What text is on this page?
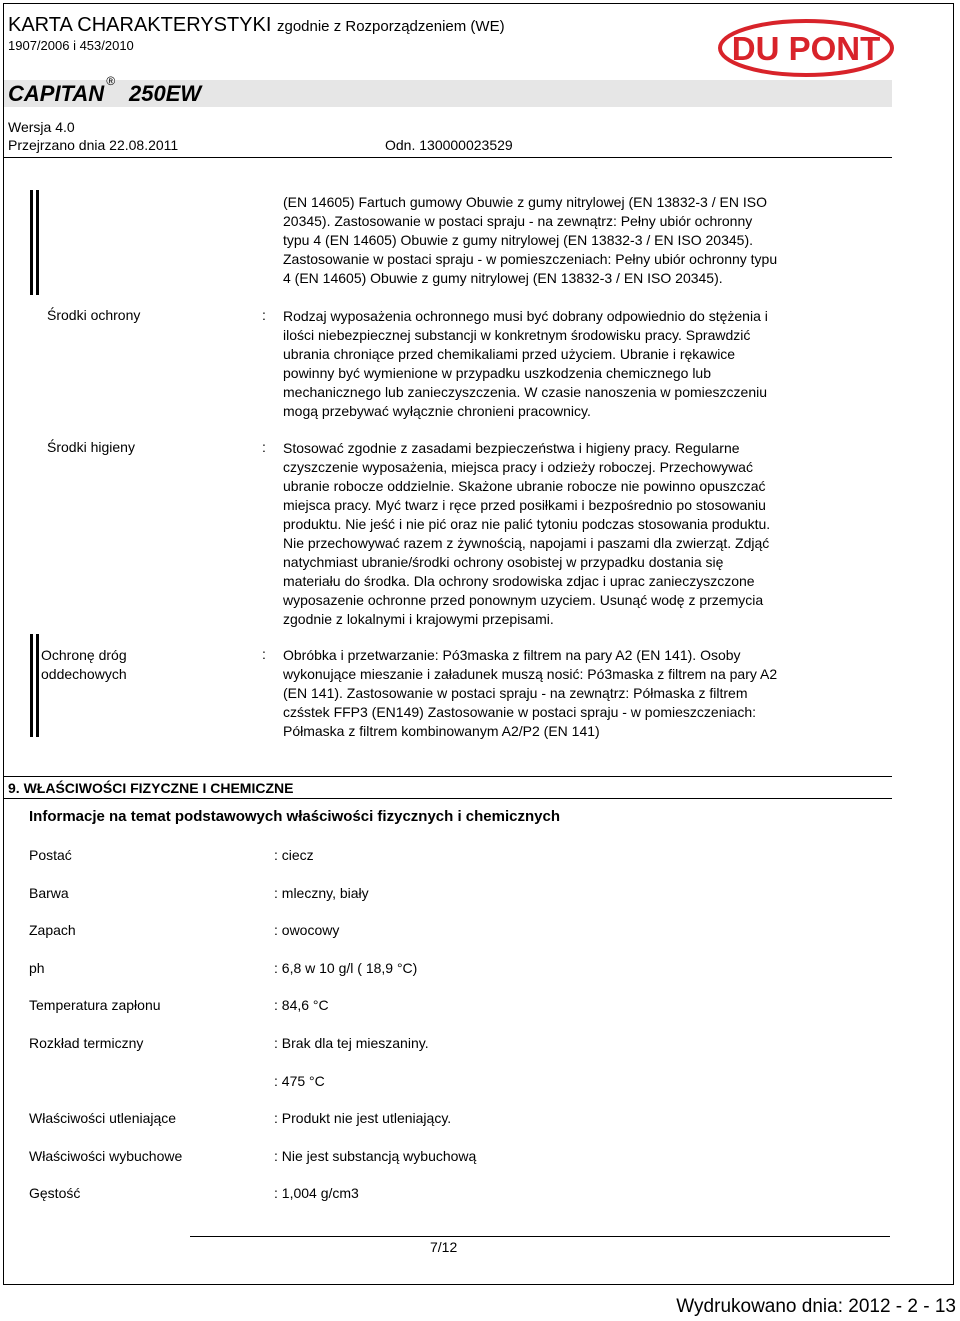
KARTA CHARAKTERYSTYKI zgodnie z Rozporządzeniem (WE)
1907/2006 i 453/2010	DU PONT
CAPITAN®250EW
Wersja 4.0
Przejrzano dnia 22.08.2011	Odn. 130000023529
(EN 14605) Fartuch gumowy Obuwie z gumy nitrylowej (EN 13832-3 / EN ISO
20345). Zastosowanie w postaci spraju - na zewnątrz: Pełny ubiór ochronny
typu 4 (EN 14605) Obuwie z gumy nitrylowej (EN 13832-3 / EN ISO 20345).
Zastosowanie w postaci spraju - w pomieszczeniach: Pełny ubiór ochronny typu
4 (EN 14605) Obuwie z gumy nitrylowej (EN 13832-3 / EN ISO 20345).
Środki ochrony	: Rodzaj wyposażenia ochronnego musi być dobrany odpowiednio do stężenia i
ilości niebezpiecznej substancji w konkretnym środowisku pracy. Sprawdzić
ubrania chroniące przed chemikaliami przed użyciem. Ubranie i rękawice
powinny być wymienione w przypadku uszkodzenia chemicznego lub
mechanicznego lub zanieczyszczenia. W czasie nanoszenia w pomieszczeniu
mogą przebywać wyłącznie chronieni pracownicy.
Środki higieny	: Stosować zgodnie z zasadami bezpieczeństwa i higieny pracy. Regularne
czyszczenie wyposażenia, miejsca pracy i odzieży roboczej. Przechowywać
ubranie robocze oddzielnie. Skażone ubranie robocze nie powinno opuszczać
miejsca pracy. Myć twarz i ręce przed posiłkami i bezpośrednio po stosowaniu
produktu. Nie jeść i nie pić oraz nie palić tytoniu podczas stosowania produktu.
Nie przechowywać razem z żywnością, napojami i paszami dla zwierząt. Zdjąć
natychmiast ubranie/środki ochrony osobistej w przypadku dostania się
materiału do środka. Dla ochrony srodowiska zdjac i uprac zanieczyszczone
wyposazenie ochronne przed ponownym uzyciem. Usunąć wodę z przemycia
zgodnie z lokalnymi i krajowymi przepisami.
Ochronę dróg
oddechowych
: Obróbka i przetwarzanie: Pó3maska z filtrem na pary A2 (EN 141). Osoby
wykonujące mieszanie i załadunek muszą nosić: Pó3maska z filtrem na pary A2
(EN 141). Zastosowanie w postaci spraju - na zewnątrz: Półmaska z filtrem
czśstek FFP3 (EN149) Zastosowanie w postaci spraju - w pomieszczeniach:
Półmaska z filtrem kombinowanym A2/P2 (EN 141)
9. WŁAŚCIWOŚCI FIZYCZNE I CHEMICZNE
Informacje na temat podstawowych właściwości fizycznych i chemicznych
Postać	: ciecz
Barwa	: mleczny, biały
Zapach	: owocowy
ph	: 6,8 w 10 g/l ( 18,9 °C)
Temperatura zapłonu	: 84,6 °C
Rozkład termiczny	: Brak dla tej mieszaniny.
: 475 °C
Właściwości utleniające	: Produkt nie jest utleniający.
Właściwości wybuchowe	: Nie jest substancją wybuchową
Gęstość	: 1,004 g/cm3
7/12
Wydrukowano dnia: 2012 - 2 - 13
